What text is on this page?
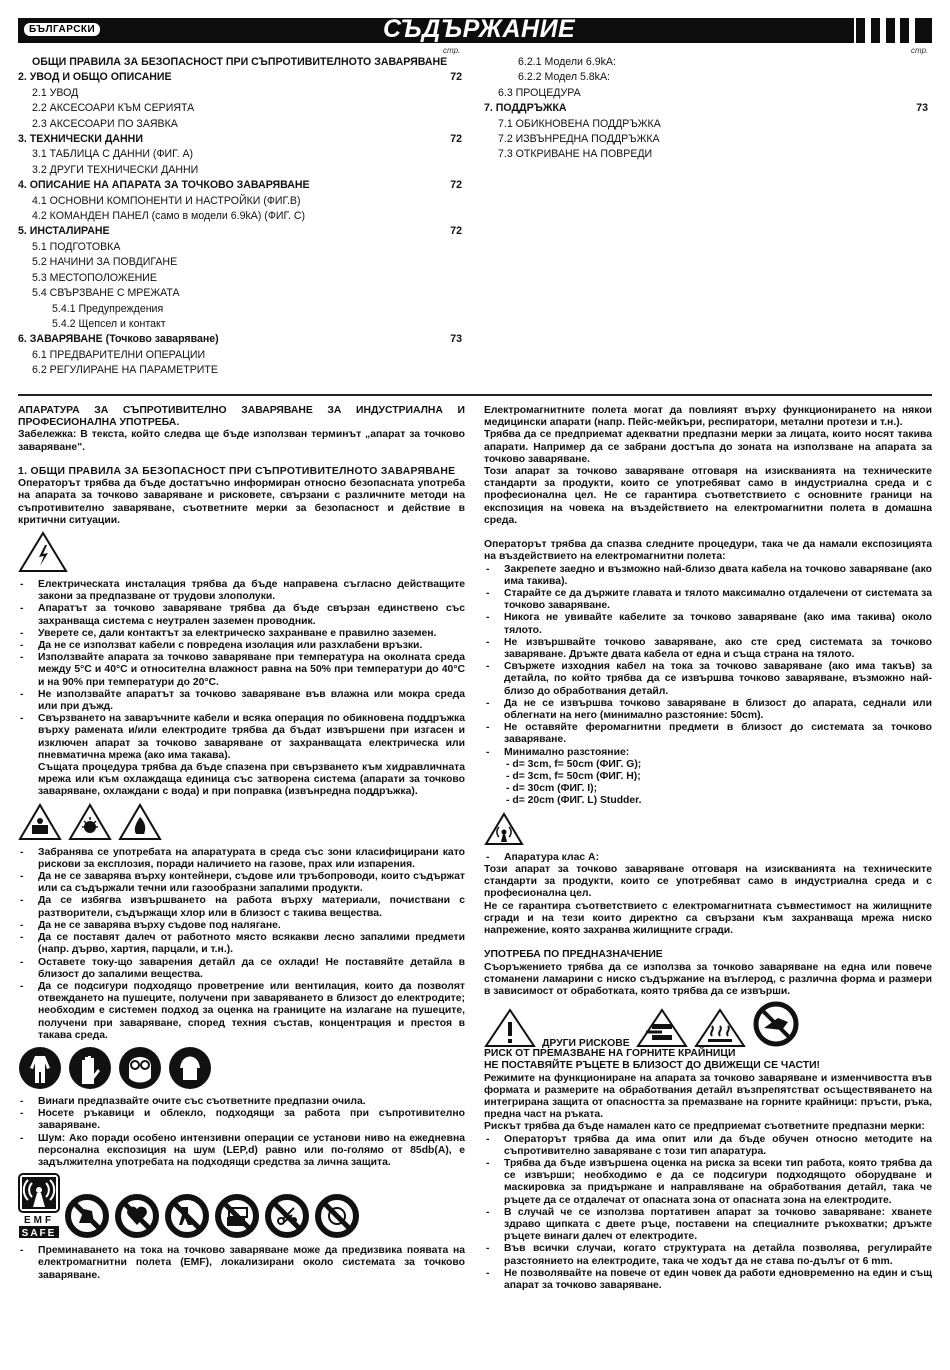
БЪЛГАРСКИ	СЪДЪРЖАНИЕ
стр.	стр.
ОБЩИ ПРАВИЛА ЗА БЕЗОПАСНОСТ ПРИ СЪПРОТИВИТЕЛНОТО ЗАВАРЯВАНЕ
2. УВОД И ОБЩО ОПИСАНИЕ	72
2.1 УВОД
2.2 АКСЕСОАРИ КЪМ СЕРИЯТА
2.3 АКСЕСОАРИ ПО ЗАЯВКА
3. ТЕХНИЧЕСКИ ДАННИ	72
3.1 ТАБЛИЦА С ДАННИ (ФИГ. А)
3.2 ДРУГИ ТЕХНИЧЕСКИ ДАННИ
4. ОПИСАНИЕ НА АПАРАТА ЗА ТОЧКОВО ЗАВАРЯВАНЕ	72
4.1 ОСНОВНИ КОМПОНЕНТИ И НАСТРОЙКИ (ФИГ.В)
4.2 КОМАНДЕН ПАНЕЛ (само в модели 6.9kA) (ФИГ. С)
5. ИНСТАЛИРАНЕ	72
5.1 ПОДГОТОВКА
5.2 НАЧИНИ ЗА ПОВДИГАНЕ
5.3 МЕСТОПОЛОЖЕНИЕ
5.4 СВЪРЗВАНЕ С МРЕЖАТА
5.4.1 Предупреждения
5.4.2 Щепсел и контакт
6. ЗАВАРЯВАНЕ (Точково заваряване)	73
6.1 ПРЕДВАРИТЕЛНИ ОПЕРАЦИИ
6.2 РЕГУЛИРАНЕ НА ПАРАМЕТРИТЕ
6.2.1 Модели 6.9kA:
6.2.2 Модел 5.8kA:
6.3 ПРОЦЕДУРА
7. ПОДДРЪЖКА	73
7.1 ОБИКНОВЕНА ПОДДРЪЖКА
7.2 ИЗВЪНРЕДНА ПОДДРЪЖКА
7.3 ОТКРИВАНЕ НА ПОВРЕДИ

АПАРАТУРА ЗА СЪПРОТИВИТЕЛНО ЗАВАРЯВАНЕ ЗА ИНДУСТРИАЛНА И ПРОФЕСИОНАЛНА УПОТРЕБА.

Забележка: В текста, който следва ще бъде използван терминът „апарат за точково заваряване".

1. ОБЩИ ПРАВИЛА ЗА БЕЗОПАСНОСТ ПРИ СЪПРОТИВИТЕЛНОТО ЗАВАРЯВАНЕ

Операторът трябва да бъде достатъчно информиран относно безопасната употреба на апарата за точково заваряване и рисковете, свързани с различните методи на съпротивително заваряване, съответните мерки за безопасност и действие в критични ситуации.

- Електрическата инсталация трябва да бъде направена съгласно действащите закони за предпазване от трудови злополуки.
- Апаратът за точково заваряване трябва да бъде свързан единствено със захранваща система с неутрален заземен проводник.
- Уверете се, дали контактът за електрическо захранване е правилно заземен.
- Да не се използват кабели с повредена изолация или разхлабени връзки.
- Използвайте апарата за точково заваряване при температура на околната среда между 5°C и 40°C и относителна влажност равна на 50% при температури до 40°C и на 90% при температури до 20°C.
- Не използвайте апаратът за точково заваряване във влажна или мокра среда или при дъжд.
- Свързването на заваръчните кабели и всяка операция по обикновена поддръжка върху рамената и/или електродите трябва да бъдат извършени при изгасен и изключен апарат за точково заваряване от захранващата електрическа или пневматична мрежа (ако има такава).

Същата процедура трябва да бъде спазена при свързването към хидравличната мрежа или към охлаждаща единица със затворена система (апарати за точково заваряване, охлаждани с вода) и при поправка (извънредна поддръжка).

- Забранява се употребата на апаратурата в среда със зони класифицирани като рискови за експлозия, поради наличието на газове, прах или изпарения.
- Да не се заварява върху контейнери, съдове или тръбопроводи, които съдържат или са съдържали течни или газообразни запалими продукти.
- Да се избягва извършването на работа върху материали, почиствани с разтворители, съдържащи хлор или в близост с такива вещества.
- Да не се заварява върху съдове под налягане.
- Да се поставят далеч от работното място всякакви лесно запалими предмети (напр. дърво, хартия, парцали, и т.н.).
- Оставете току-що заварения детайл да се охлади! Не поставяйте детайла в близост до запалими вещества.
- Да се подсигури подходящо проветрение или вентилация, които да позволят отвеждането на пушеците, получени при заваряването в близост до електродите; необходим е системен подход за оценка на границите на излагане на пушеците, получени при заваряване, според техния състав, концентрация и престоя в такава среда.
- Винаги предпазвайте очите със съответните предпазни очила.
- Носете ръкавици и облекло, подходящи за работа при съпротивително заваряване.
- Шум: Ако поради особено интензивни операции се установи ниво на ежедневна персонална експозиция на шум (LEP,d) равно или по-голямо от 85db(A), е задължителна употребата на подходящи средства за лична защита.
EMF
SAFE
- Преминаването на тока на точково заваряване може да предизвика появата на електромагнитни полета (EMF), локализирани около системата за точково заваряване.

Електромагнитните полета могат да повлияят върху функционирането на някои медицински апарати (напр. Пейс-мейкъри, респиратори, метални протези и т.н.).

Трябва да се предприемат адекватни предпазни мерки за лицата, които носят такива апарати. Например да се забрани достъпа до зоната на използване на апарата за точково заваряване.

Този апарат за точково заваряване отговаря на изискванията на техническите стандарти за продукти, които се употребяват само в индустриална среда и с професионална цел. Не се гарантира съответствието с основните граници на експозиция на човека на въздействието на електромагнитни полета в домашна среда.

Операторът трябва да спазва следните процедури, така че да намали експозицията на въздействието на електромагнитни полета:

- Закрепете заедно и възможно най-близо двата кабела на точково заваряване (ако има такива).
- Старайте се да държите главата и тялото максимално отдалечени от системата за точково заваряване.
- Никога не увивайте кабелите за точково заваряване (ако има такива) около тялото.
- Не извършвайте точково заваряване, ако сте сред системата за точково заваряване. Дръжте двата кабела от една и съща страна на тялото.
- Свържете изходния кабел на тока за точково заваряване (ако има такъв) за детайла, по който трябва да се извършва точково заваряване, възможно най-близо до обработвания детайл.
- Да не се извършва точково заваряване в близост до апарата, седнали или облегнати на него (минимално разстояние: 50cm).
- Не оставяйте феромагнитни предмети в близост до системата за точково заваряване.
- Минимално разстояние:
- d= 3cm, f= 50cm (ФИГ. G);
- d= 3cm, f= 50cm (ФИГ. H);
- d= 30cm (ФИГ. I);
- d= 20cm (ФИГ. L) Studder.
- Апаратура клас А:

Този апарат за точково заваряване отговаря на изискванията на техническите стандарти за продукти, които се употребяват само в индустриална среда и с професионална цел.

Не се гарантира съответствието с електромагнитната съвместимост на жилищните сгради и на тези които директно са свързани към захранваща мрежа ниско напрежение, която захранва жилищните сгради.

УПОТРЕБА ПО ПРЕДНАЗНАЧЕНИЕ

Съоръжението трябва да се използва за точково заваряване на една или повече стоманени ламарини с ниско съдържание на въглерод, с различна форма и размери в зависимост от обработката, която трябва да се извърши.

ДРУГИ РИСКОВЕ

РИСК ОТ ПРЕМАЗВАНЕ НА ГОРНИТЕ КРАЙНИЦИ

НЕ ПОСТАВЯЙТЕ РЪЦЕТЕ В БЛИЗОСТ ДО ДВИЖЕЩИ СЕ ЧАСТИ!

Режимите на функциониране на апарата за точково заваряване и изменчивостта във формата и размерите на обработвания детайл възпрепятстват осъществяването на интегрирана защита от опасността за премазване на горните крайници: пръсти, ръка, предна част на ръката.

Рискът трябва да бъде намален като се предприемат съответните предпазни мерки:

- Операторът трябва да има опит или да бъде обучен относно методите на съпротивително заваряване с този тип апаратура.
- Трябва да бъде извършена оценка на риска за всеки тип работа, която трябва да се извърши; необходимо е да се подсигури подходящото оборудване и маскировка за придържане и направляване на обработвания детайл, така че ръцете да се отдалечат от опасната зона от опасната зона на електродите.
- В случай че се използва портативен апарат за точково заваряване: хванете здраво щипката с двете ръце, поставени на специалните ръкохватки; дръжте ръцете винаги далеч от електродите.
- Във всички случаи, когато структурата на детайла позволява, регулирайте разстоянието на електродите, така че ходът да не става по-дълъг от 6 mm.
- Не позволявайте на повече от един човек да работи едновременно на един и същ апарат за точково заваряване.
